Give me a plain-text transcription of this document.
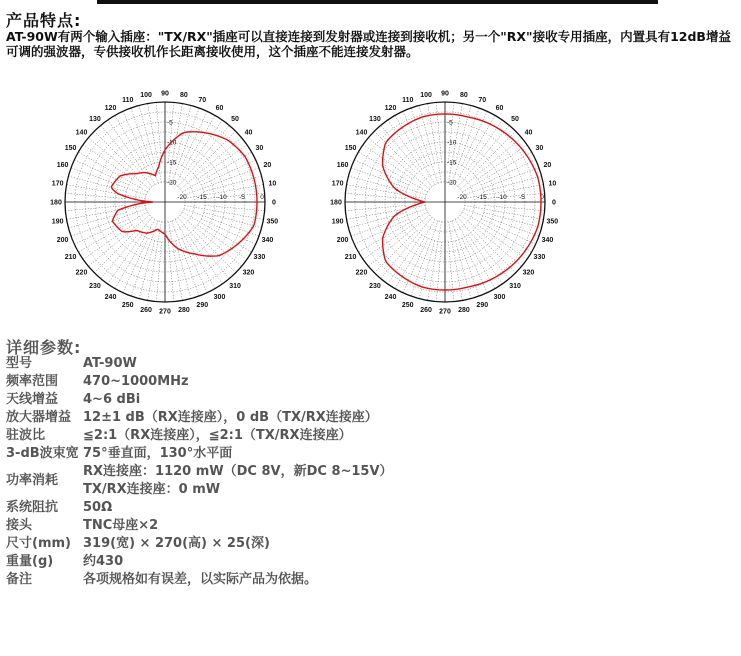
产品特点:
AT-90W有两个输入插座："TX/RX"插座可以直接连接到发射器或连接到接收机；另一个"RX"接收专用插座，内置具有12dB增益可调的强波器，专供接收机作长距离接收使用，这个插座不能连接发射器。
0
10
20
30
40
50
60
70
80
90
100
110
120
130
140
150
160
170
180
190
200
210
220
230
240
250
260 270 280
290
300
310
320
330
340
350
-20
-20
-15
-15
-10
-10
-5
-5 0
0
10
20
30
40
50
60
70
80
90
100
110
120
130
140
150
160
170
180
190
200
210
220
230
240
250
260 270 280
290
300
310
320
330
340
350
-20
-20
-15
-15
-10
-10
-5
-5 0
详细参数:
型号	AT-90W
频率范围	470~1000MHz
天线增益	4~6 dBi
放大器增益	12±1 dB（RX连接座），0 dB（TX/RX连接座）
驻波比	≦2:1（RX连接座），≦2:1（TX/RX连接座）
3-dB波束宽	75°垂直面，130°水平面
功率消耗	RX连接座：1120 mW（DC 8V，新DC 8~15V）
TX/RX连接座：0 mW

系统阻抗	50Ω
接头	TNC母座×2
尺寸(mm)	319(宽) × 270(高) × 25(深)
重量(g)	约430
备注	各项规格如有误差，以实际产品为依据。
